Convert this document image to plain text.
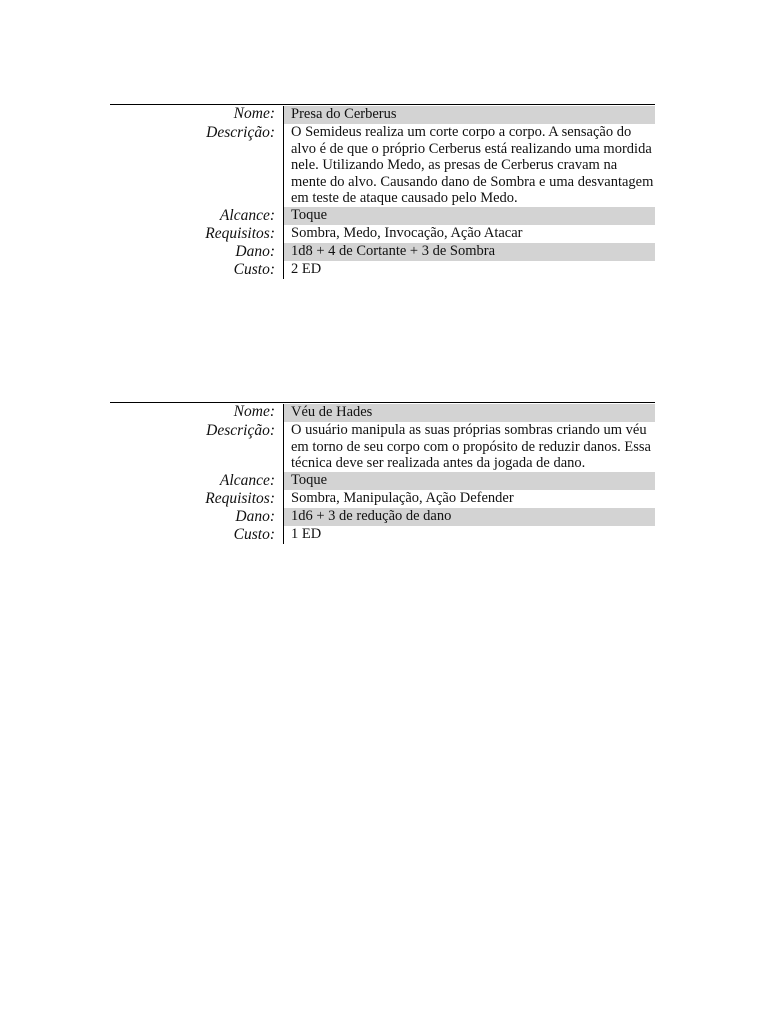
Nome:	Presa do Cerberus
Descrição:	O Semideus realiza um corte corpo a corpo. A sensação do alvo é de que o próprio Cerberus está realizando uma mordida nele. Utilizando Medo, as presas de Cerberus cravam na mente do alvo. Causando dano de Sombra e uma desvantagem em teste de ataque causado pelo Medo.
Alcance:	Toque
Requisitos:	Sombra, Medo, Invocação, Ação Atacar
Dano:	1d8 + 4 de Cortante + 3 de Sombra
Custo:	2 ED
Nome:	Véu de Hades
Descrição:	O usuário manipula as suas próprias sombras criando um véu em torno de seu corpo com o propósito de reduzir danos. Essa técnica deve ser realizada antes da jogada de dano.
Alcance:	Toque
Requisitos:	Sombra, Manipulação, Ação Defender
Dano:	1d6 + 3 de redução de dano
Custo:	1 ED
